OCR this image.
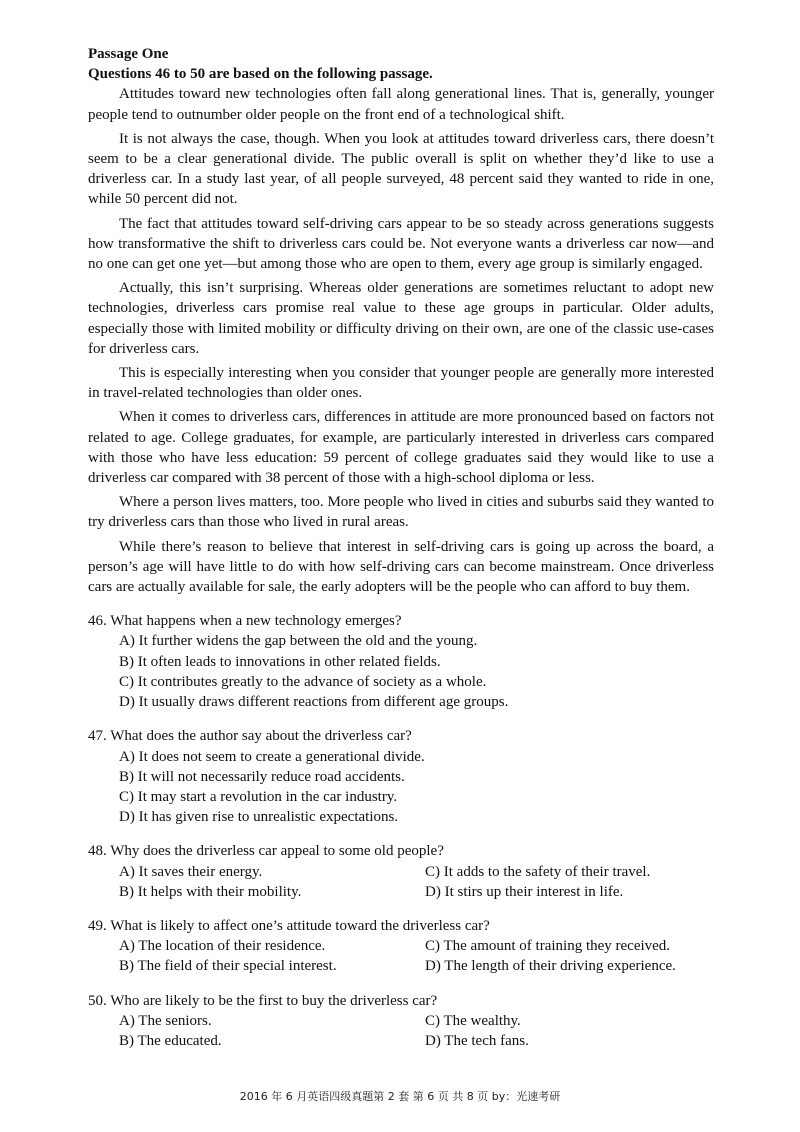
Passage One

Questions 46 to 50 are based on the following passage.

Attitudes toward new technologies often fall along generational lines. That is, generally, younger people tend to outnumber older people on the front end of a technological shift.

It is not always the case, though. When you look at attitudes toward driverless cars, there doesn’t seem to be a clear generational divide. The public overall is split on whether they’d like to use a driverless car. In a study last year, of all people surveyed, 48 percent said they wanted to ride in one, while 50 percent did not.

The fact that attitudes toward self-driving cars appear to be so steady across generations suggests how transformative the shift to driverless cars could be. Not everyone wants a driverless car now—and no one can get one yet—but among those who are open to them, every age group is similarly engaged.

Actually, this isn’t surprising. Whereas older generations are sometimes reluctant to adopt new technologies, driverless cars promise real value to these age groups in particular. Older adults, especially those with limited mobility or difficulty driving on their own, are one of the classic use-cases for driverless cars.

This is especially interesting when you consider that younger people are generally more interested in travel-related technologies than older ones.

When it comes to driverless cars, differences in attitude are more pronounced based on factors not related to age. College graduates, for example, are particularly interested in driverless cars compared with those who have less education: 59 percent of college graduates said they would like to use a driverless car compared with 38 percent of those with a high-school diploma or less.

Where a person lives matters, too. More people who lived in cities and suburbs said they wanted to try driverless cars than those who lived in rural areas.

While there’s reason to believe that interest in self-driving cars is going up across the board, a person’s age will have little to do with how self-driving cars can become mainstream. Once driverless cars are actually available for sale, the early adopters will be the people who can afford to buy them.

46. What happens when a new technology emerges?

A) It further widens the gap between the old and the young.

B) It often leads to innovations in other related fields.

C) It contributes greatly to the advance of society as a whole.

D) It usually draws different reactions from different age groups.

47. What does the author say about the driverless car?

A) It does not seem to create a generational divide.

B) It will not necessarily reduce road accidents.

C) It may start a revolution in the car industry.

D) It has given rise to unrealistic expectations.

48. Why does the driverless car appeal to some old people?

A) It saves their energy.	C) It adds to the safety of their travel.

B) It helps with their mobility.	D) It stirs up their interest in life.

49. What is likely to affect one’s attitude toward the driverless car?

A) The location of their residence.	C) The amount of training they received.

B) The field of their special interest.	D) The length of their driving experience.

50. Who are likely to be the first to buy the driverless car?

A) The seniors.	C) The wealthy.

B) The educated.	D) The tech fans.

2016 年 6 月英语四级真题第 2 套 第 6 页 共 8 页 by：光速考研
